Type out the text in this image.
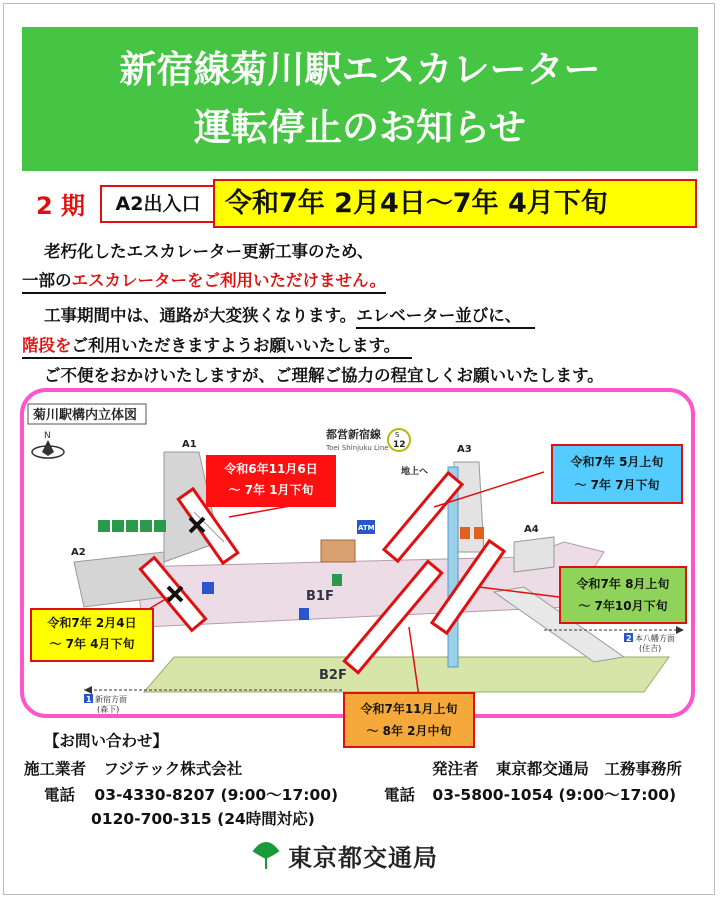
新宿線菊川駅エスカレーター
運転停止のお知らせ
2 期	A2出入口 令和7年 2月4日～7年 4月下旬
老朽化したエスカレーター更新工事のため、
一部のエスカレーターをご利用いただけません。
工事期間中は、通路が大変狭くなります。エレベーター並びに、
階段をご利用いただきますようお願いいたします。
ご不便をおかけいたしますが、ご理解ご協力の程宜しくお願いいたします。
菊川駅構内立体図
N	都営新宿線
Toei Shinjuku Line
S
12
B2F
B1F
A1
A2
A3
A4
地上へ
ATM
1 新宿方面
(森下)
2 本八幡方面
(住吉)
令和6年11月6日
～ 7年 1月下旬
令和7年 2月4日
～ 7年 4月下旬
令和7年 5月上旬
～ 7年 7月下旬
令和7年 8月上旬
～ 7年10月下旬
令和7年11月上旬
～ 8年 2月中旬
【お問い合わせ】
施工業者 フジテック株式会社
電話 03-4330-8207 (9:00～17:00)
0120-700-315 (24時間対応)
発注者 東京都交通局　工務事務所
電話 03-5800-1054 (9:00～17:00)
東京都交通局
